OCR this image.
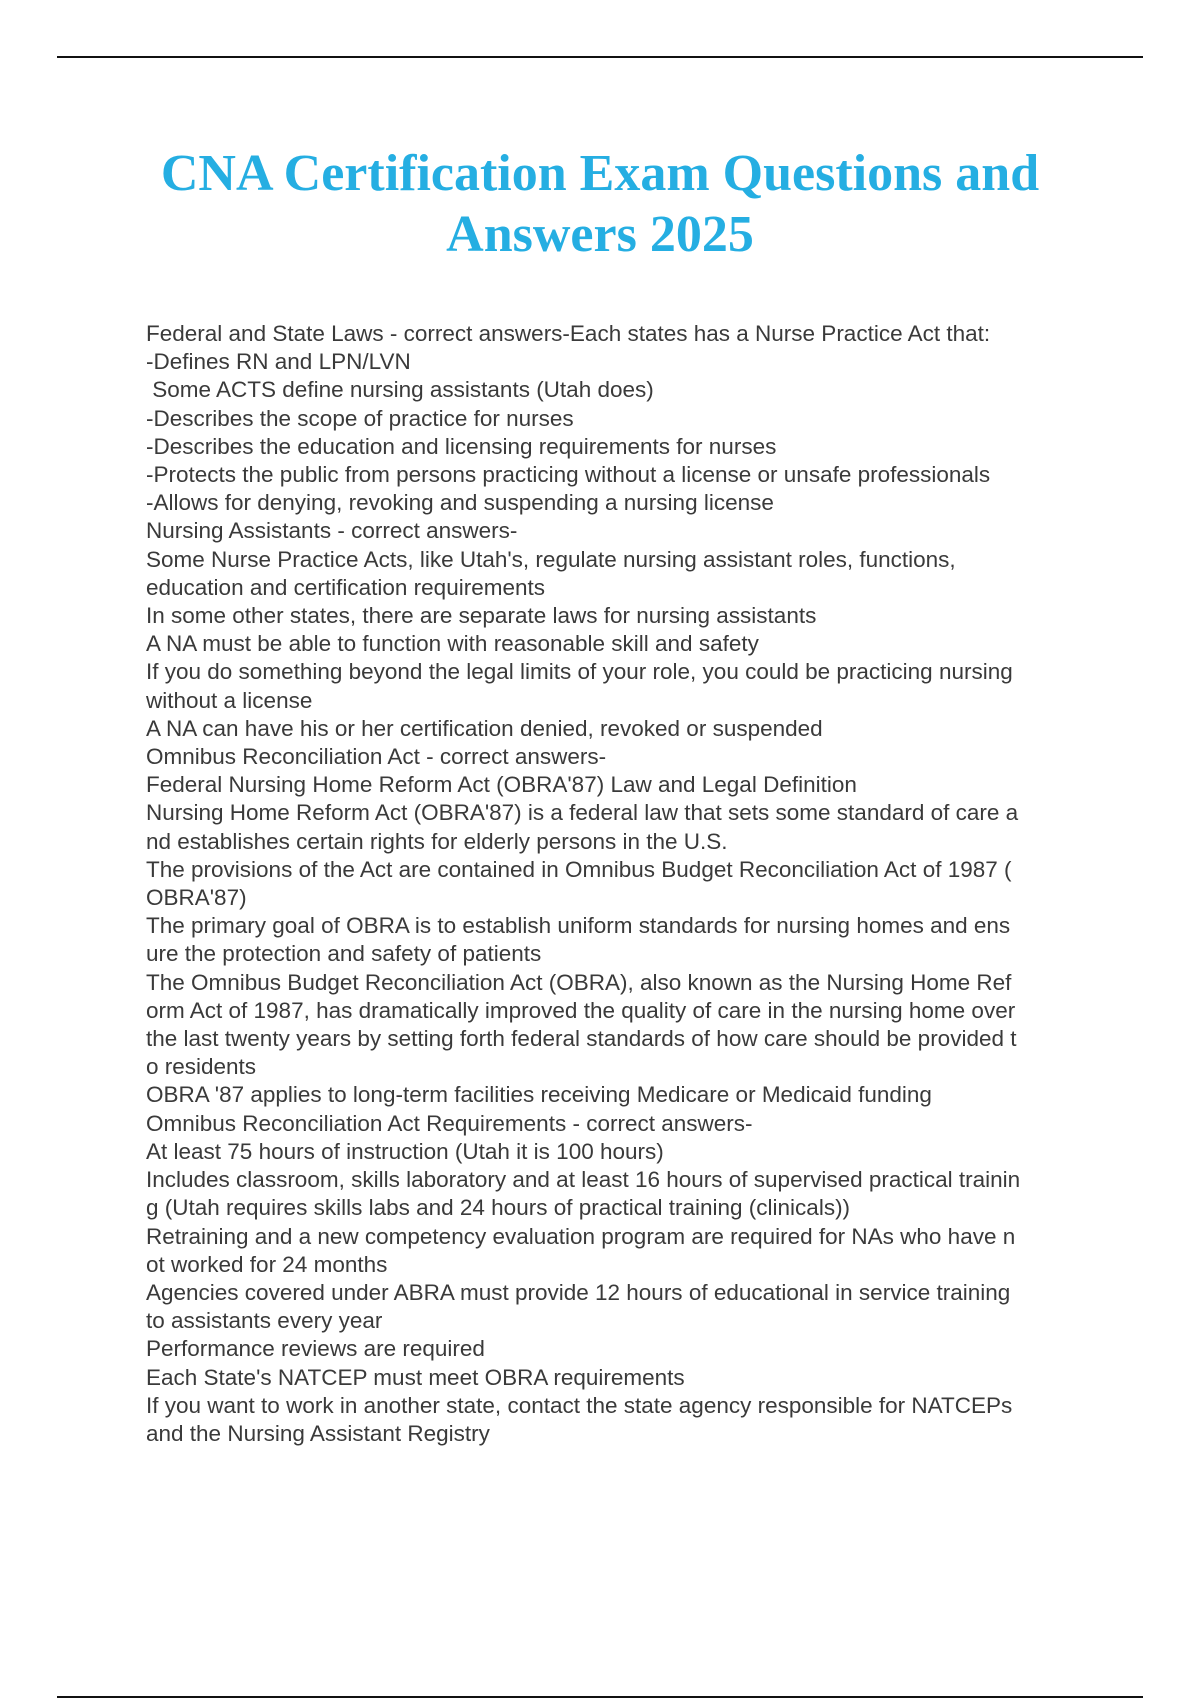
CNA Certification Exam Questions and
Answers 2025
Federal and State Laws - correct answers-Each states has a Nurse Practice Act that:
-Defines RN and LPN/LVN
Some ACTS define nursing assistants (Utah does)
-Describes the scope of practice for nurses
-Describes the education and licensing requirements for nurses
-Protects the public from persons practicing without a license or unsafe professionals
-Allows for denying, revoking and suspending a nursing license
Nursing Assistants - correct answers-
Some Nurse Practice Acts, like Utah's, regulate nursing assistant roles, functions,
education and certification requirements
In some other states, there are separate laws for nursing assistants
A NA must be able to function with reasonable skill and safety
If you do something beyond the legal limits of your role, you could be practicing nursing
without a license
A NA can have his or her certification denied, revoked or suspended
Omnibus Reconciliation Act - correct answers-
Federal Nursing Home Reform Act (OBRA'87) Law and Legal Definition
Nursing Home Reform Act (OBRA'87) is a federal law that sets some standard of care a
nd establishes certain rights for elderly persons in the U.S.
The provisions of the Act are contained in Omnibus Budget Reconciliation Act of 1987 (
OBRA'87)
The primary goal of OBRA is to establish uniform standards for nursing homes and ens
ure the protection and safety of patients
The Omnibus Budget Reconciliation Act (OBRA), also known as the Nursing Home Ref
orm Act of 1987, has dramatically improved the quality of care in the nursing home over
the last twenty years by setting forth federal standards of how care should be provided t
o residents
OBRA '87 applies to long-term facilities receiving Medicare or Medicaid funding
Omnibus Reconciliation Act Requirements - correct answers-
At least 75 hours of instruction (Utah it is 100 hours)
Includes classroom, skills laboratory and at least 16 hours of supervised practical trainin
g (Utah requires skills labs and 24 hours of practical training (clinicals))
Retraining and a new competency evaluation program are required for NAs who have n
ot worked for 24 months
Agencies covered under ABRA must provide 12 hours of educational in service training
to assistants every year
Performance reviews are required
Each State's NATCEP must meet OBRA requirements
If you want to work in another state, contact the state agency responsible for NATCEPs
and the Nursing Assistant Registry
